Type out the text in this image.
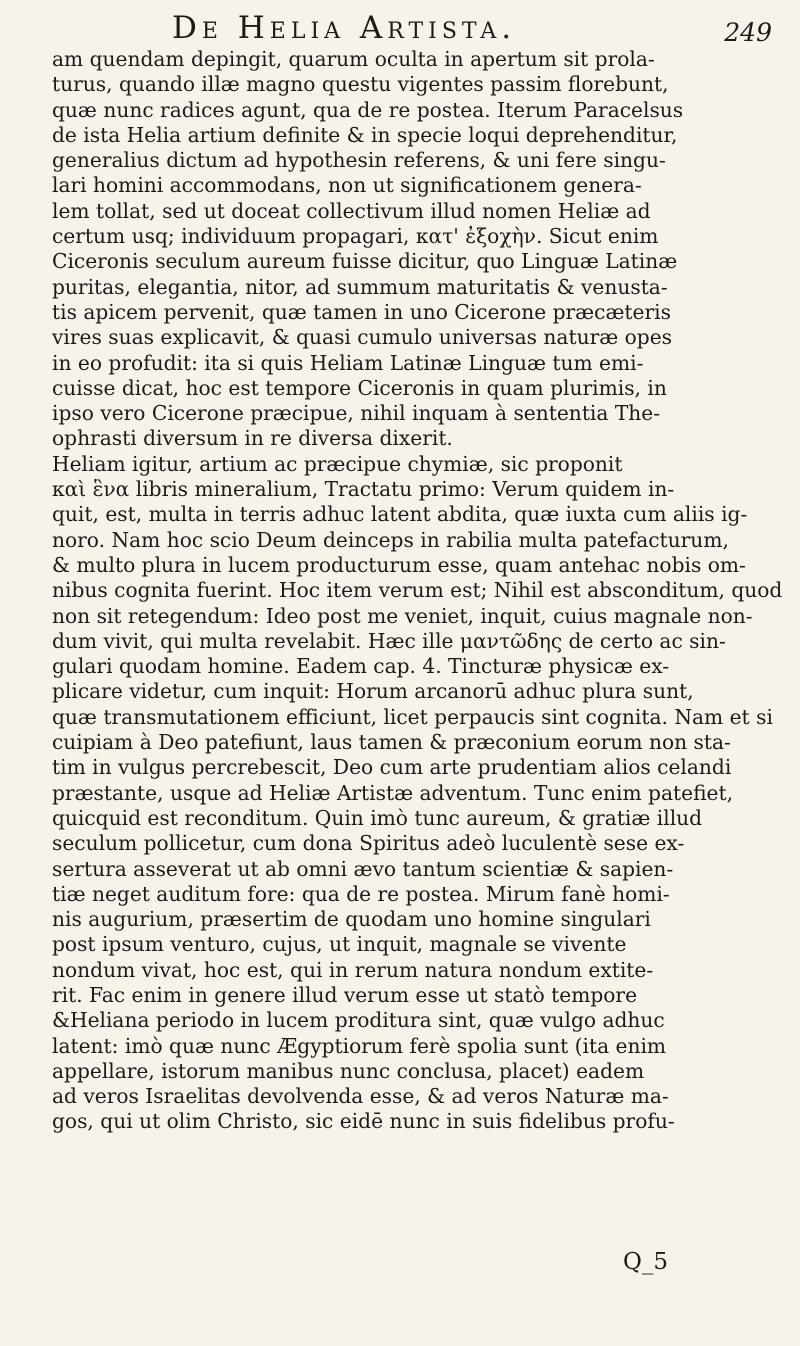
De Helia Artista.	249
am quendam depingit, quarum oculta in apertum sit prola-
turus, quando illæ magno questu vigentes passim florebunt,
quæ nunc radices agunt, qua de re postea. Iterum Paracelsus
de ista Helia artium definite & in specie loqui deprehenditur,
generalius dictum ad hypothesin referens, & uni fere singu-
lari homini accommodans, non ut significationem genera-
lem tollat, sed ut doceat collectivum illud nomen Heliæ ad
certum usq; individuum propagari, κατ' ἐξοχὴν. Sicut enim
Ciceronis seculum aureum fuisse dicitur, quo Linguæ Latinæ
puritas, elegantia, nitor, ad summum maturitatis & venusta-
tis apicem pervenit, quæ tamen in uno Cicerone præcæteris
vires suas explicavit, & quasi cumulo universas naturæ opes
in eo profudit: ita si quis Heliam Latinæ Linguæ tum emi-
cuisse dicat, hoc est tempore Ciceronis in quam plurimis, in
ipso vero Cicerone præcipue, nihil inquam à sententia The-
ophrasti diversum in re diversa dixerit.
Heliam igitur, artium ac præcipue chymiæ, sic proponit
καὶ ἓνα libris mineralium, Tractatu primo: Verum quidem in-
quit, est, multa in terris adhuc latent abdita, quæ iuxta cum aliis ig-
noro. Nam hoc scio Deum deinceps in rabilia multa patefacturum,
& multo plura in lucem producturum esse, quam antehac nobis om-
nibus cognita fuerint. Hoc item verum est; Nihil est absconditum, quod
non sit retegendum: Ideo post me veniet, inquit, cuius magnale non-
dum vivit, qui multa revelabit. Hæc ille μαντῶδης de certo ac sin-
gulari quodam homine. Eadem cap. 4. Tincturæ physicæ ex-
plicare videtur, cum inquit: Horum arcanorū adhuc plura sunt,
quæ transmutationem efficiunt, licet perpaucis sint cognita. Nam et si
cuipiam à Deo patefiunt, laus tamen & præconium eorum non sta-
tim in vulgus percrebescit, Deo cum arte prudentiam alios celandi
præstante, usque ad Heliæ Artistæ adventum. Tunc enim patefiet,
quicquid est reconditum. Quin imò tunc aureum, & gratiæ illud
seculum pollicetur, cum dona Spiritus adeò luculentè sese ex-
sertura asseverat ut ab omni ævo tantum scientiæ & sapien-
tiæ neget auditum fore: qua de re postea. Mirum fanè homi-
nis augurium, præsertim de quodam uno homine singulari
post ipsum venturo, cujus, ut inquit, magnale se vivente
nondum vivat, hoc est, qui in rerum natura nondum extite-
rit. Fac enim in genere illud verum esse ut statò tempore
&Heliana periodo in lucem proditura sint, quæ vulgo adhuc
latent: imò quæ nunc Ægyptiorum ferè spolia sunt (ita enim
appellare, istorum manibus nunc conclusa, placet) eadem
ad veros Israelitas devolvenda esse, & ad veros Naturæ ma-
gos, qui ut olim Christo, sic eidē nunc in suis fidelibus profu-
Q_5
